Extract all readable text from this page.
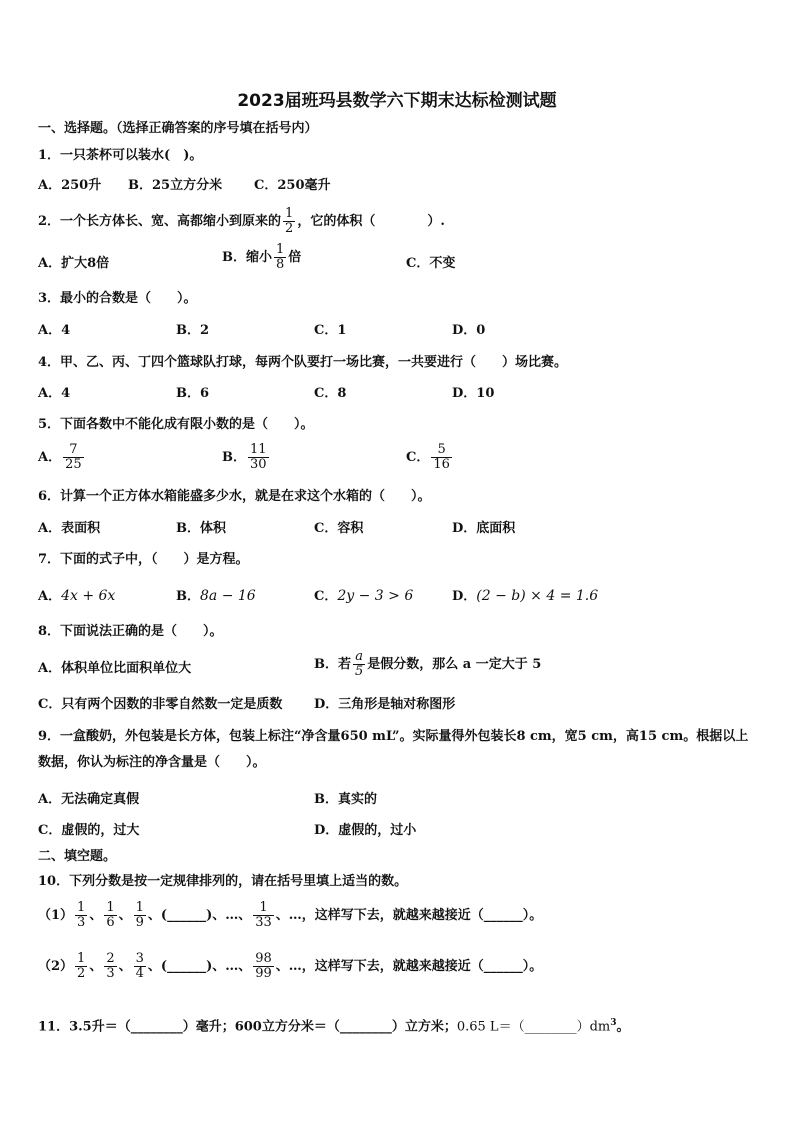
2023届班玛县数学六下期末达标检测试题
一、选择题。（选择正确答案的序号填在括号内）
1．一只茶杯可以装水(　)。
A．250升 B．25立方分米 C．250毫升
2．一个长方体长、宽、高都缩小到原来的 $\frac{1}{2}$ ，它的体积（　　　　）.
A．扩大8倍	B．缩小 $\frac{1}{8}$ 倍	C．不变
3．最小的合数是（　　）。
A．4	B．2	C．1	D．0
4．甲、乙、丙、丁四个篮球队打球，每两个队要打一场比赛，一共要进行（　　）场比赛。
A．4	B．6	C．8	D．10
5．下面各数中不能化成有限小数的是（　　）。
A． $\frac{7}{25}$	B． $\frac{11}{30}$	C． $\frac{5}{16}$
6．计算一个正方体水箱能盛多少水，就是在求这个水箱的（　　）。
A．表面积	B．体积	C．容积	D．底面积
7．下面的式子中，（　　）是方程。
A．4x + 6x	B．8a − 16	C．2y − 3 > 6	D．(2 − b) × 4 = 1.6
8．下面说法正确的是（　　）。
A．体积单位比面积单位大	B．若 $\frac{a}{5}$ 是假分数，那么 a 一定大于 5
C．只有两个因数的非零自然数一定是质数 D．三角形是轴对称图形
9．一盒酸奶，外包装是长方体，包装上标注“净含量650 mL”。实际量得外包装长8 cm，宽5 cm，高15 cm。根据以上数据，你认为标注的净含量是（　　）。
A．无法确定真假	B．真实的
C．虚假的，过大	D．虚假的，过小
二、填空题。
10．下列分数是按一定规律排列的，请在括号里填上适当的数。
$(1) \frac{1}{3}$ 、 $\frac{1}{6}$ 、 $\frac{1}{9}$ 、(______)、…、 $\frac{1}{33}$ 、…，这样写下去，就越来越接近（______）。
$(2) \frac{1}{2}$ 、 $\frac{2}{3}$ 、 $\frac{3}{4}$ 、(______)、…、 $\frac{98}{99}$ 、…，这样写下去，就越来越接近（______）。
11．3.5升＝（________）毫升；600立方分米＝（________）立方米；0.65 $L=(\_\_\_\_\_\_\_\_)dm^3$。
